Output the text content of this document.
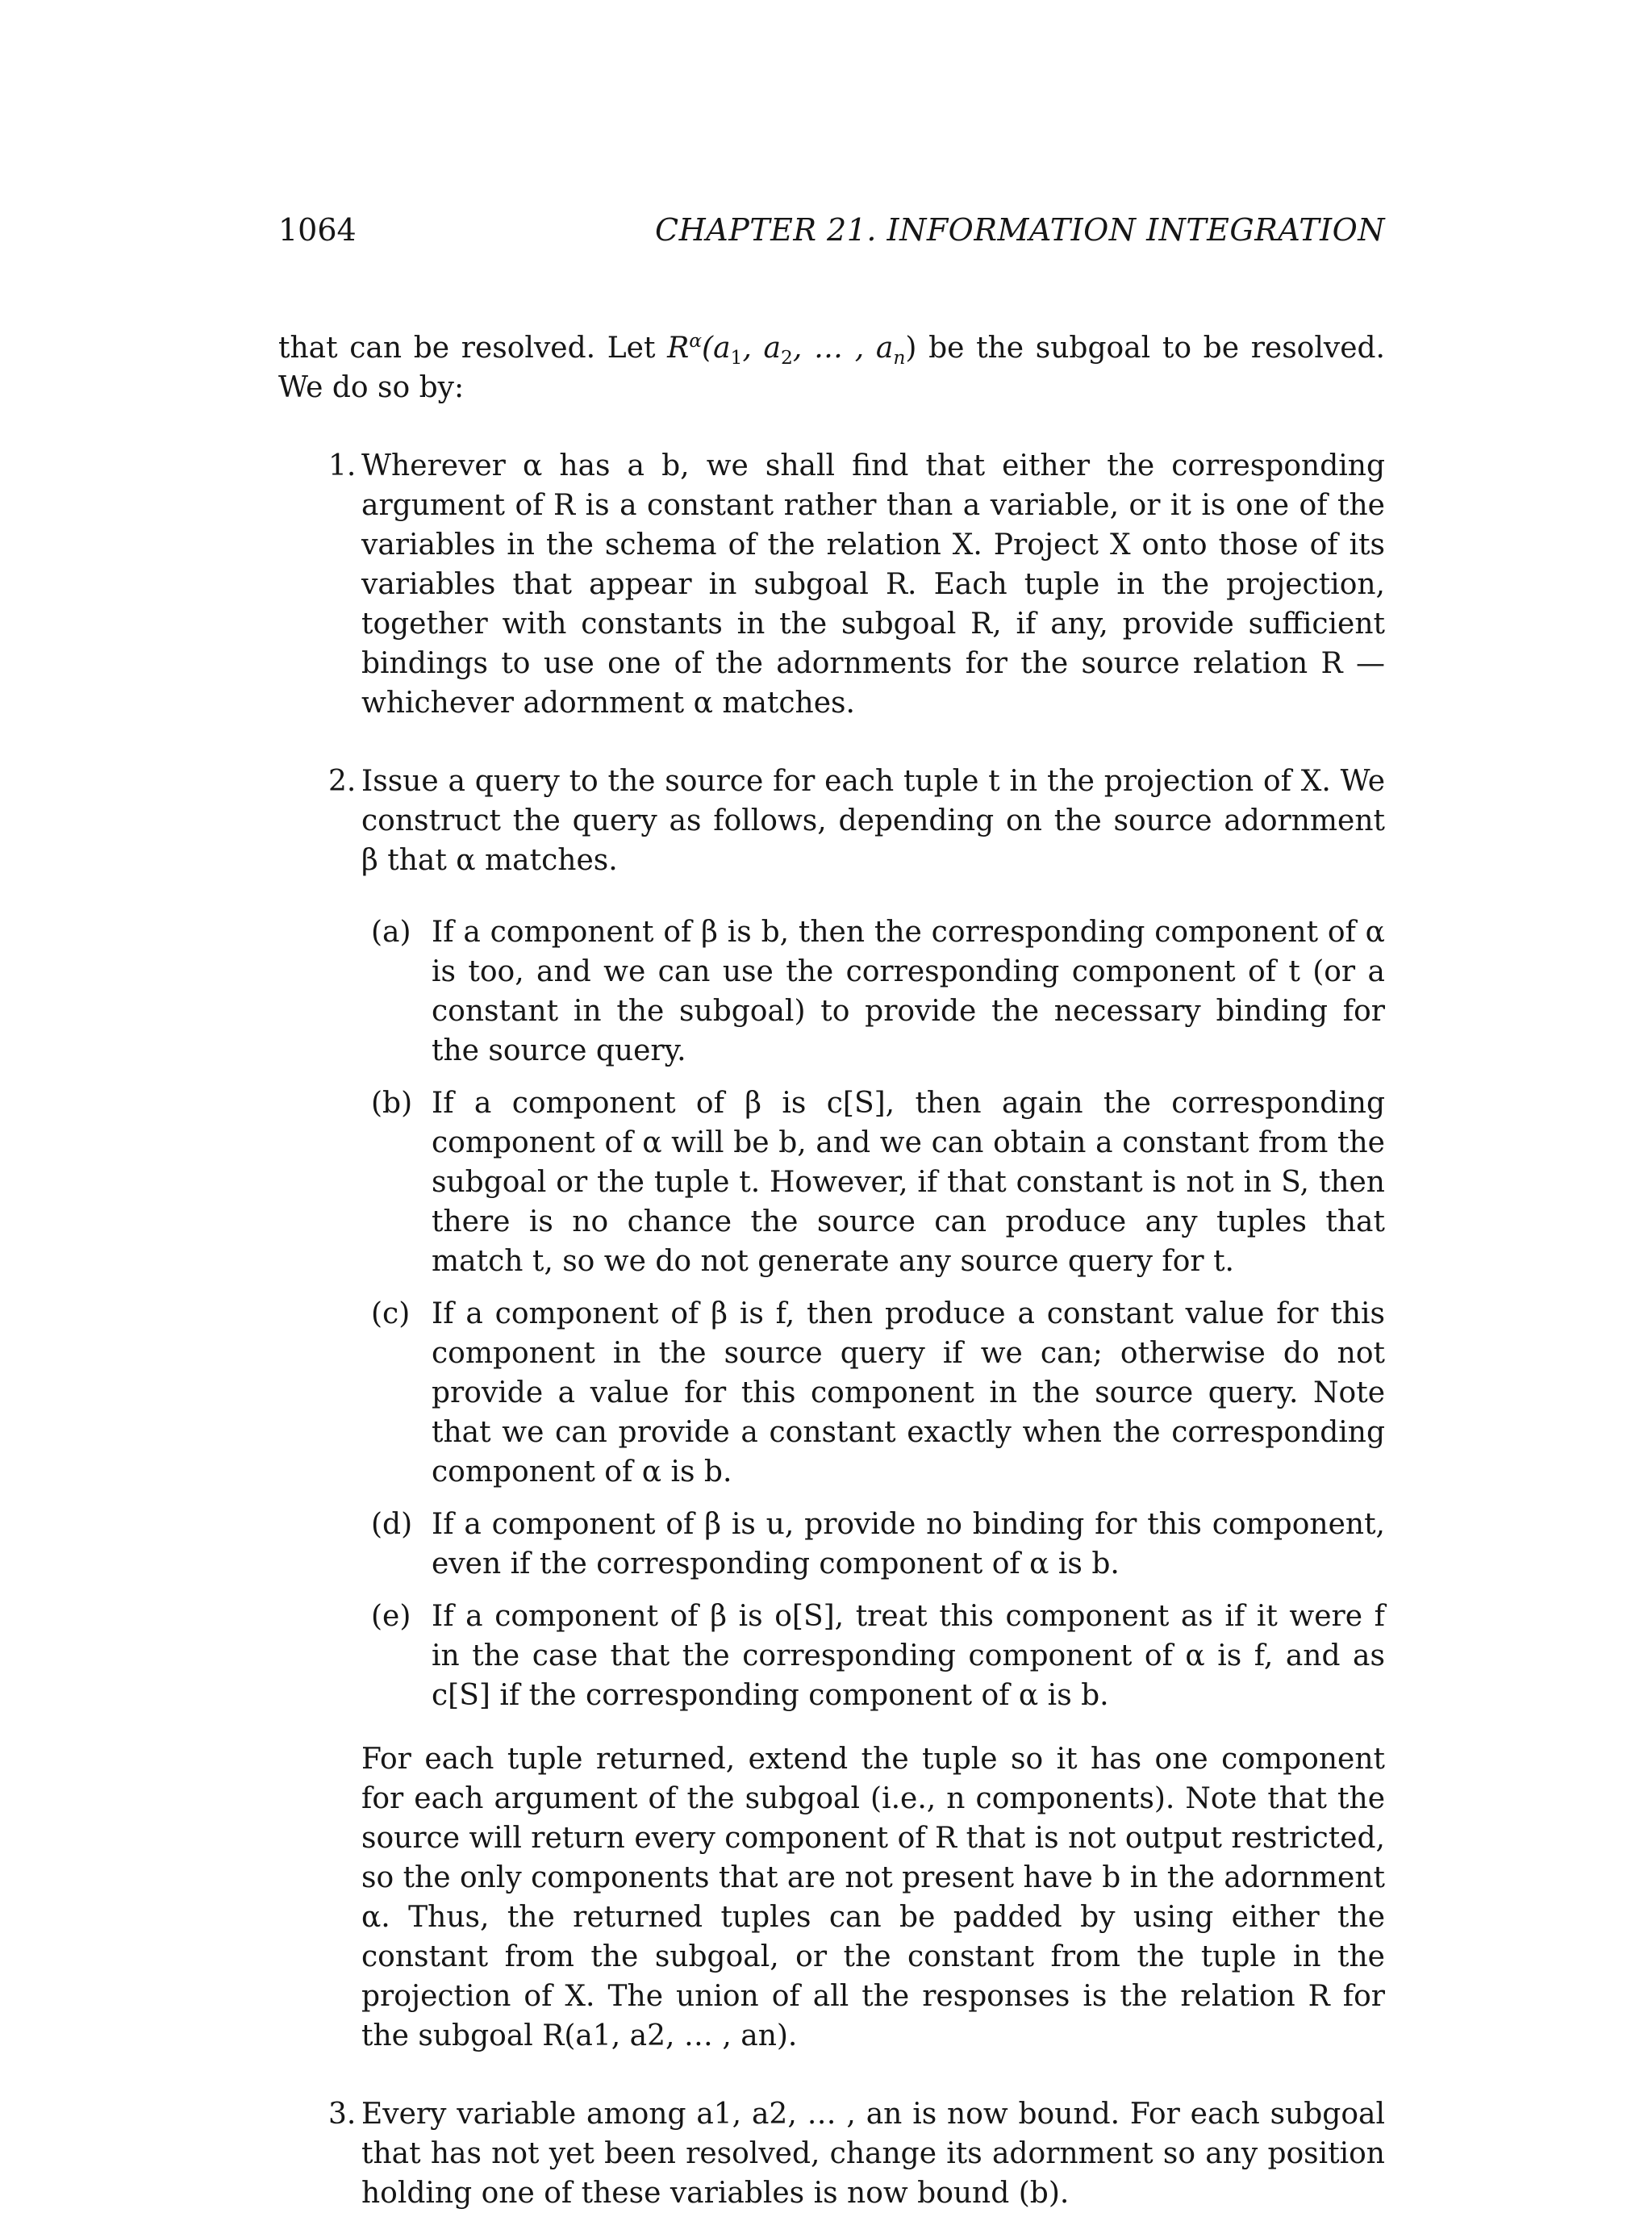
1064	CHAPTER 21. INFORMATION INTEGRATION
that can be resolved. Let $R^\alpha(a_1$, $a_2$, … , $a_n$) be the subgoal to be resolved. We do so by:
1. Wherever α has a b, we shall find that either the corresponding argument of R is a constant rather than a variable, or it is one of the variables in the schema of the relation X. Project X onto those of its variables that appear in subgoal R. Each tuple in the projection, together with constants in the subgoal R, if any, provide sufficient bindings to use one of the adornments for the source relation R — whichever adornment α matches.
2. Issue a query to the source for each tuple t in the projection of X. We construct the query as follows, depending on the source adornment β that α matches.
(a) If a component of β is b, then the corresponding component of α is too, and we can use the corresponding component of t (or a constant in the subgoal) to provide the necessary binding for the source query.
(b) If a component of β is c[S], then again the corresponding component of α will be b, and we can obtain a constant from the subgoal or the tuple t. However, if that constant is not in S, then there is no chance the source can produce any tuples that match t, so we do not generate any source query for t.
(c) If a component of β is f, then produce a constant value for this component in the source query if we can; otherwise do not provide a value for this component in the source query. Note that we can provide a constant exactly when the corresponding component of α is b.
(d) If a component of β is u, provide no binding for this component, even if the corresponding component of α is b.
(e) If a component of β is o[S], treat this component as if it were f in the case that the corresponding component of α is f, and as c[S] if the corresponding component of α is b.
For each tuple returned, extend the tuple so it has one component for each argument of the subgoal (i.e., n components). Note that the source will return every component of R that is not output restricted, so the only components that are not present have b in the adornment α. Thus, the returned tuples can be padded by using either the constant from the subgoal, or the constant from the tuple in the projection of X. The union of all the responses is the relation R for the subgoal R(a1, a2, … , an).
3. Every variable among a1, a2, … , an is now bound. For each subgoal that has not yet been resolved, change its adornment so any position holding one of these variables is now bound (b).
